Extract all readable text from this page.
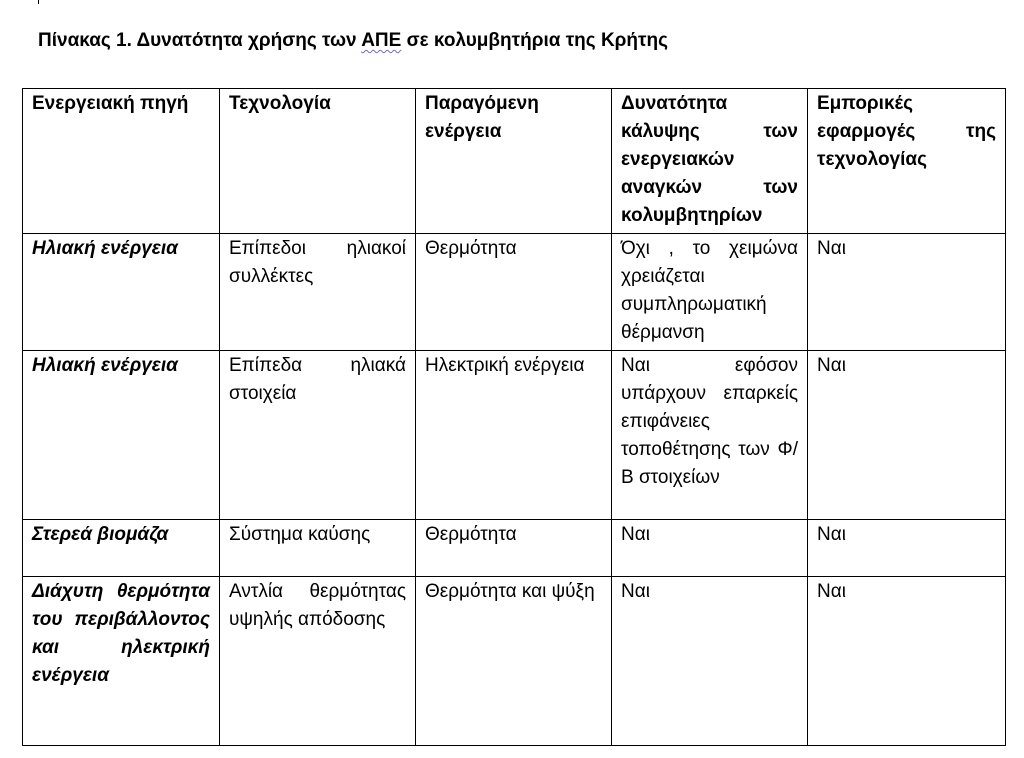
Πίνακας 1. Δυνατότητα χρήσης των ΑΠΕ σε κολυμβητήρια της Κρήτης
Ενεργειακή πηγή	Τεχνολογία	Παραγόμενη ενέργεια	Δυνατότητα κάλυψης των ενεργειακών αναγκών των κολυμβητηρίων	Εμπορικές εφαρμογές της τεχνολογίας
Ηλιακή ενέργεια	Επίπεδοι ηλιακοί συλλέκτες	Θερμότητα	Όχι , το χειμώνα χρειάζεται συμπληρωματική θέρμανση	Ναι
Ηλιακή ενέργεια	Επίπεδα ηλιακά στοιχεία	Ηλεκτρική ενέργεια	Ναι εφόσον υπάρχουν επαρκείς επιφάνειες τοποθέτησης των Φ/Β στοιχείων	Ναι
Στερεά βιομάζα	Σύστημα καύσης	Θερμότητα	Ναι	Ναι
Διάχυτη θερμότητα του περιβάλλοντος και ηλεκτρική ενέργεια	Αντλία θερμότητας υψηλής απόδοσης	Θερμότητα και ψύξη	Ναι	Ναι
